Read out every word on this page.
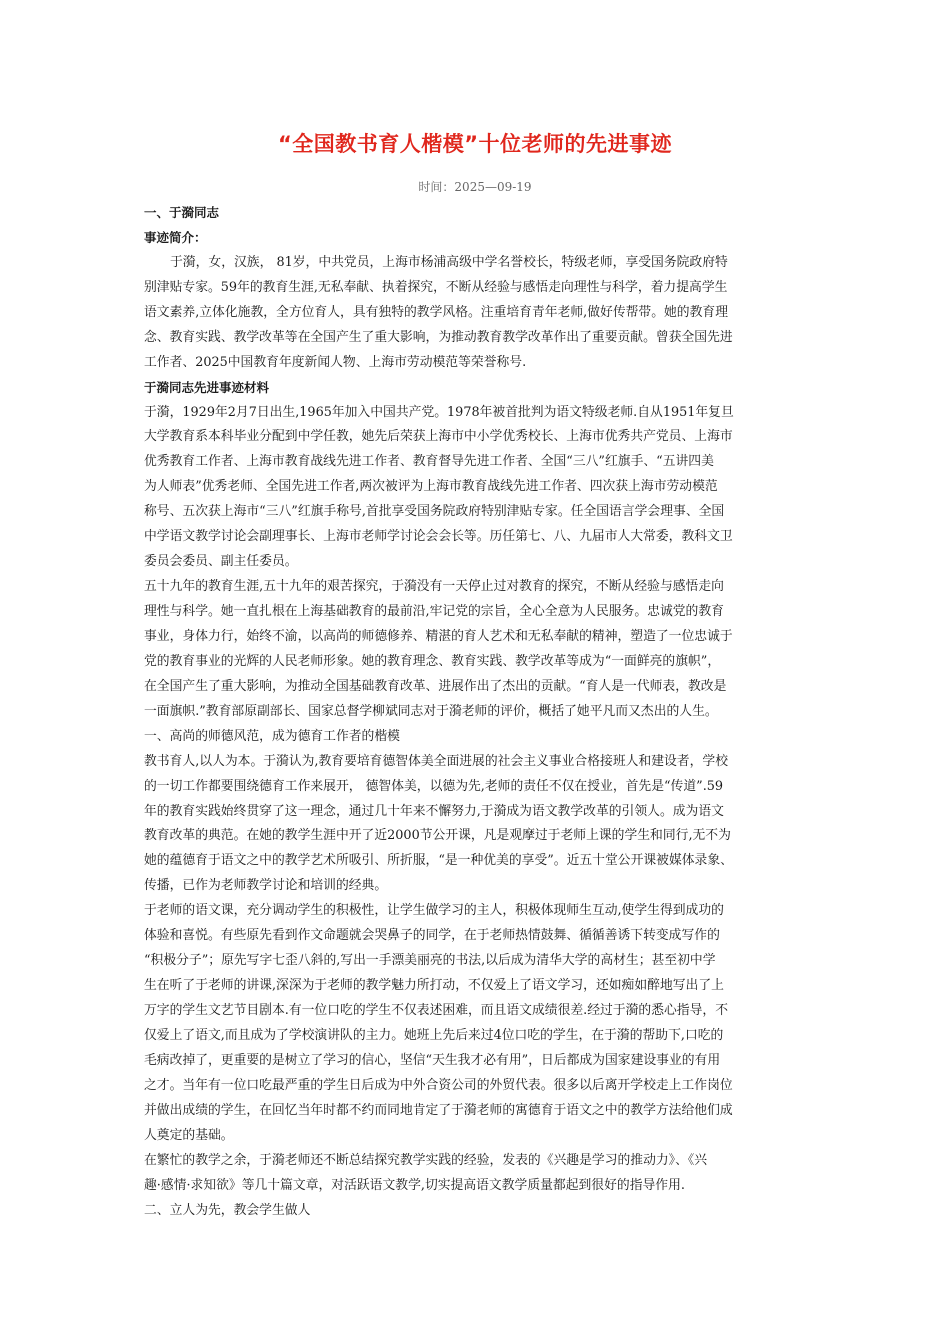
“全国教书育人楷模”十位老师的先进事迹
时间：2025—09-19
一、于漪同志
事迹简介：
于漪，女，汉族， 81岁，中共党员，上海市杨浦高级中学名誉校长，特级老师，享受国务院政府特
别津贴专家。59年的教育生涯,无私奉献、执着探究，不断从经验与感悟走向理性与科学，着力提高学生
语文素养,立体化施教，全方位育人，具有独特的教学风格。注重培育青年老师,做好传帮带。她的教育理
念、教育实践、教学改革等在全国产生了重大影响，为推动教育教学改革作出了重要贡献。曾获全国先进
工作者、2025中国教育年度新闻人物、上海市劳动模范等荣誉称号.
于漪同志先进事迹材料
于漪，1929年2月7日出生,1965年加入中国共产党。1978年被首批判为语文特级老师.自从1951年复旦
大学教育系本科毕业分配到中学任教，她先后荣获上海市中小学优秀校长、上海市优秀共产党员、上海市
优秀教育工作者、上海市教育战线先进工作者、教育督导先进工作者、全国“三八”红旗手、“五讲四美
为人师表”优秀老师、全国先进工作者,两次被评为上海市教育战线先进工作者、四次获上海市劳动模范
称号、五次获上海市“三八”红旗手称号,首批享受国务院政府特别津贴专家。任全国语言学会理事、全国
中学语文教学讨论会副理事长、上海市老师学讨论会会长等。历任第七、八、九届市人大常委，教科文卫
委员会委员、副主任委员。
五十九年的教育生涯,五十九年的艰苦探究，于漪没有一天停止过对教育的探究，不断从经验与感悟走向
理性与科学。她一直扎根在上海基础教育的最前沿,牢记党的宗旨，全心全意为人民服务。忠诚党的教育
事业，身体力行，始终不渝，以高尚的师德修养、精湛的育人艺术和无私奉献的精神，塑造了一位忠诚于
党的教育事业的光辉的人民老师形象。她的教育理念、教育实践、教学改革等成为“一面鲜亮的旗帜”，
在全国产生了重大影响，为推动全国基础教育改革、进展作出了杰出的贡献。“育人是一代师表，教改是
一面旗帜.”教育部原副部长、国家总督学柳斌同志对于漪老师的评价，概括了她平凡而又杰出的人生。
一、高尚的师德风范，成为德育工作者的楷模
教书育人,以人为本。于漪认为,教育要培育德智体美全面进展的社会主义事业合格接班人和建设者，学校
的一切工作都要围绕德育工作来展开， 德智体美，以德为先,老师的责任不仅在授业，首先是“传道”.59
年的教育实践始终贯穿了这一理念，通过几十年来不懈努力,于漪成为语文教学改革的引领人。成为语文
教育改革的典范。在她的教学生涯中开了近2000节公开课，凡是观摩过于老师上课的学生和同行,无不为
她的蕴德育于语文之中的教学艺术所吸引、所折服，“是一种优美的享受”。近五十堂公开课被媒体录象、
传播，已作为老师教学讨论和培训的经典。
于老师的语文课，充分调动学生的积极性，让学生做学习的主人，积极体现师生互动,使学生得到成功的
体验和喜悦。有些原先看到作文命题就会哭鼻子的同学，在于老师热情鼓舞、循循善诱下转变成写作的
“积极分子”；原先写字七歪八斜的,写出一手漂美丽亮的书法,以后成为清华大学的高材生；甚至初中学
生在听了于老师的讲课,深深为于老师的教学魅力所打动，不仅爱上了语文学习，还如痴如醉地写出了上
万字的学生文艺节目剧本.有一位口吃的学生不仅表述困难，而且语文成绩很差.经过于漪的悉心指导，不
仅爱上了语文,而且成为了学校演讲队的主力。她班上先后来过4位口吃的学生，在于漪的帮助下,口吃的
毛病改掉了，更重要的是树立了学习的信心，坚信“天生我才必有用”，日后都成为国家建设事业的有用
之才。当年有一位口吃最严重的学生日后成为中外合资公司的外贸代表。很多以后离开学校走上工作岗位
并做出成绩的学生，在回忆当年时都不约而同地肯定了于漪老师的寓德育于语文之中的教学方法给他们成
人奠定的基础。
在繁忙的教学之余，于漪老师还不断总结探究教学实践的经验，发表的《兴趣是学习的推动力》、《兴
趣·感情·求知欲》等几十篇文章，对活跃语文教学,切实提高语文教学质量都起到很好的指导作用.
二、立人为先，教会学生做人
